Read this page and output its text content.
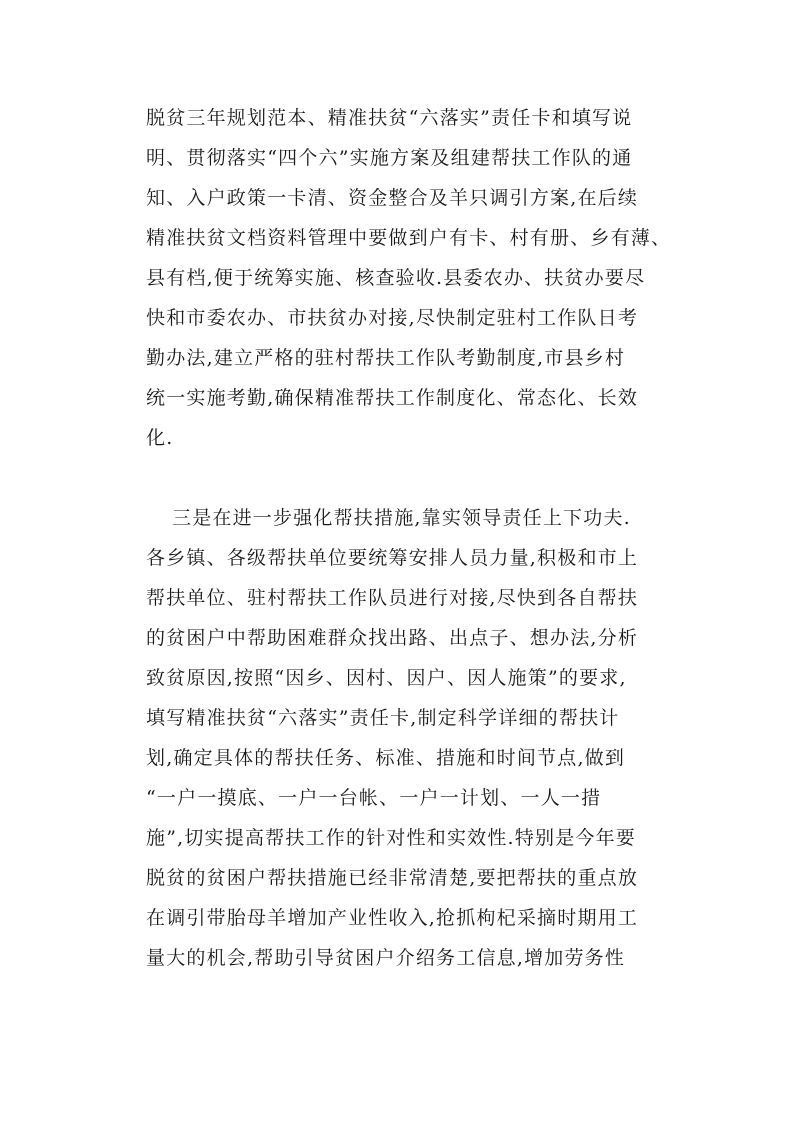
脱贫三年规划范本、精准扶贫“六落实”责任卡和填写说
明、贯彻落实“四个六”实施方案及组建帮扶工作队的通
知、入户政策一卡清、资金整合及羊只调引方案,在后续
精准扶贫文档资料管理中要做到户有卡、村有册、乡有薄、
县有档,便于统筹实施、核查验收.县委农办、扶贫办要尽
快和市委农办、市扶贫办对接,尽快制定驻村工作队日考
勤办法,建立严格的驻村帮扶工作队考勤制度,市县乡村
统一实施考勤,确保精准帮扶工作制度化、常态化、长效
化.
三是在进一步强化帮扶措施,靠实领导责任上下功夫.
各乡镇、各级帮扶单位要统筹安排人员力量,积极和市上
帮扶单位、驻村帮扶工作队员进行对接,尽快到各自帮扶
的贫困户中帮助困难群众找出路、出点子、想办法,分析
致贫原因,按照“因乡、因村、因户、因人施策”的要求,
填写精准扶贫“六落实”责任卡,制定科学详细的帮扶计
划,确定具体的帮扶任务、标准、措施和时间节点,做到
“一户一摸底、一户一台帐、一户一计划、一人一措
施”,切实提高帮扶工作的针对性和实效性.特别是今年要
脱贫的贫困户帮扶措施已经非常清楚,要把帮扶的重点放
在调引带胎母羊增加产业性收入,抢抓枸杞采摘时期用工
量大的机会,帮助引导贫困户介绍务工信息,增加劳务性
